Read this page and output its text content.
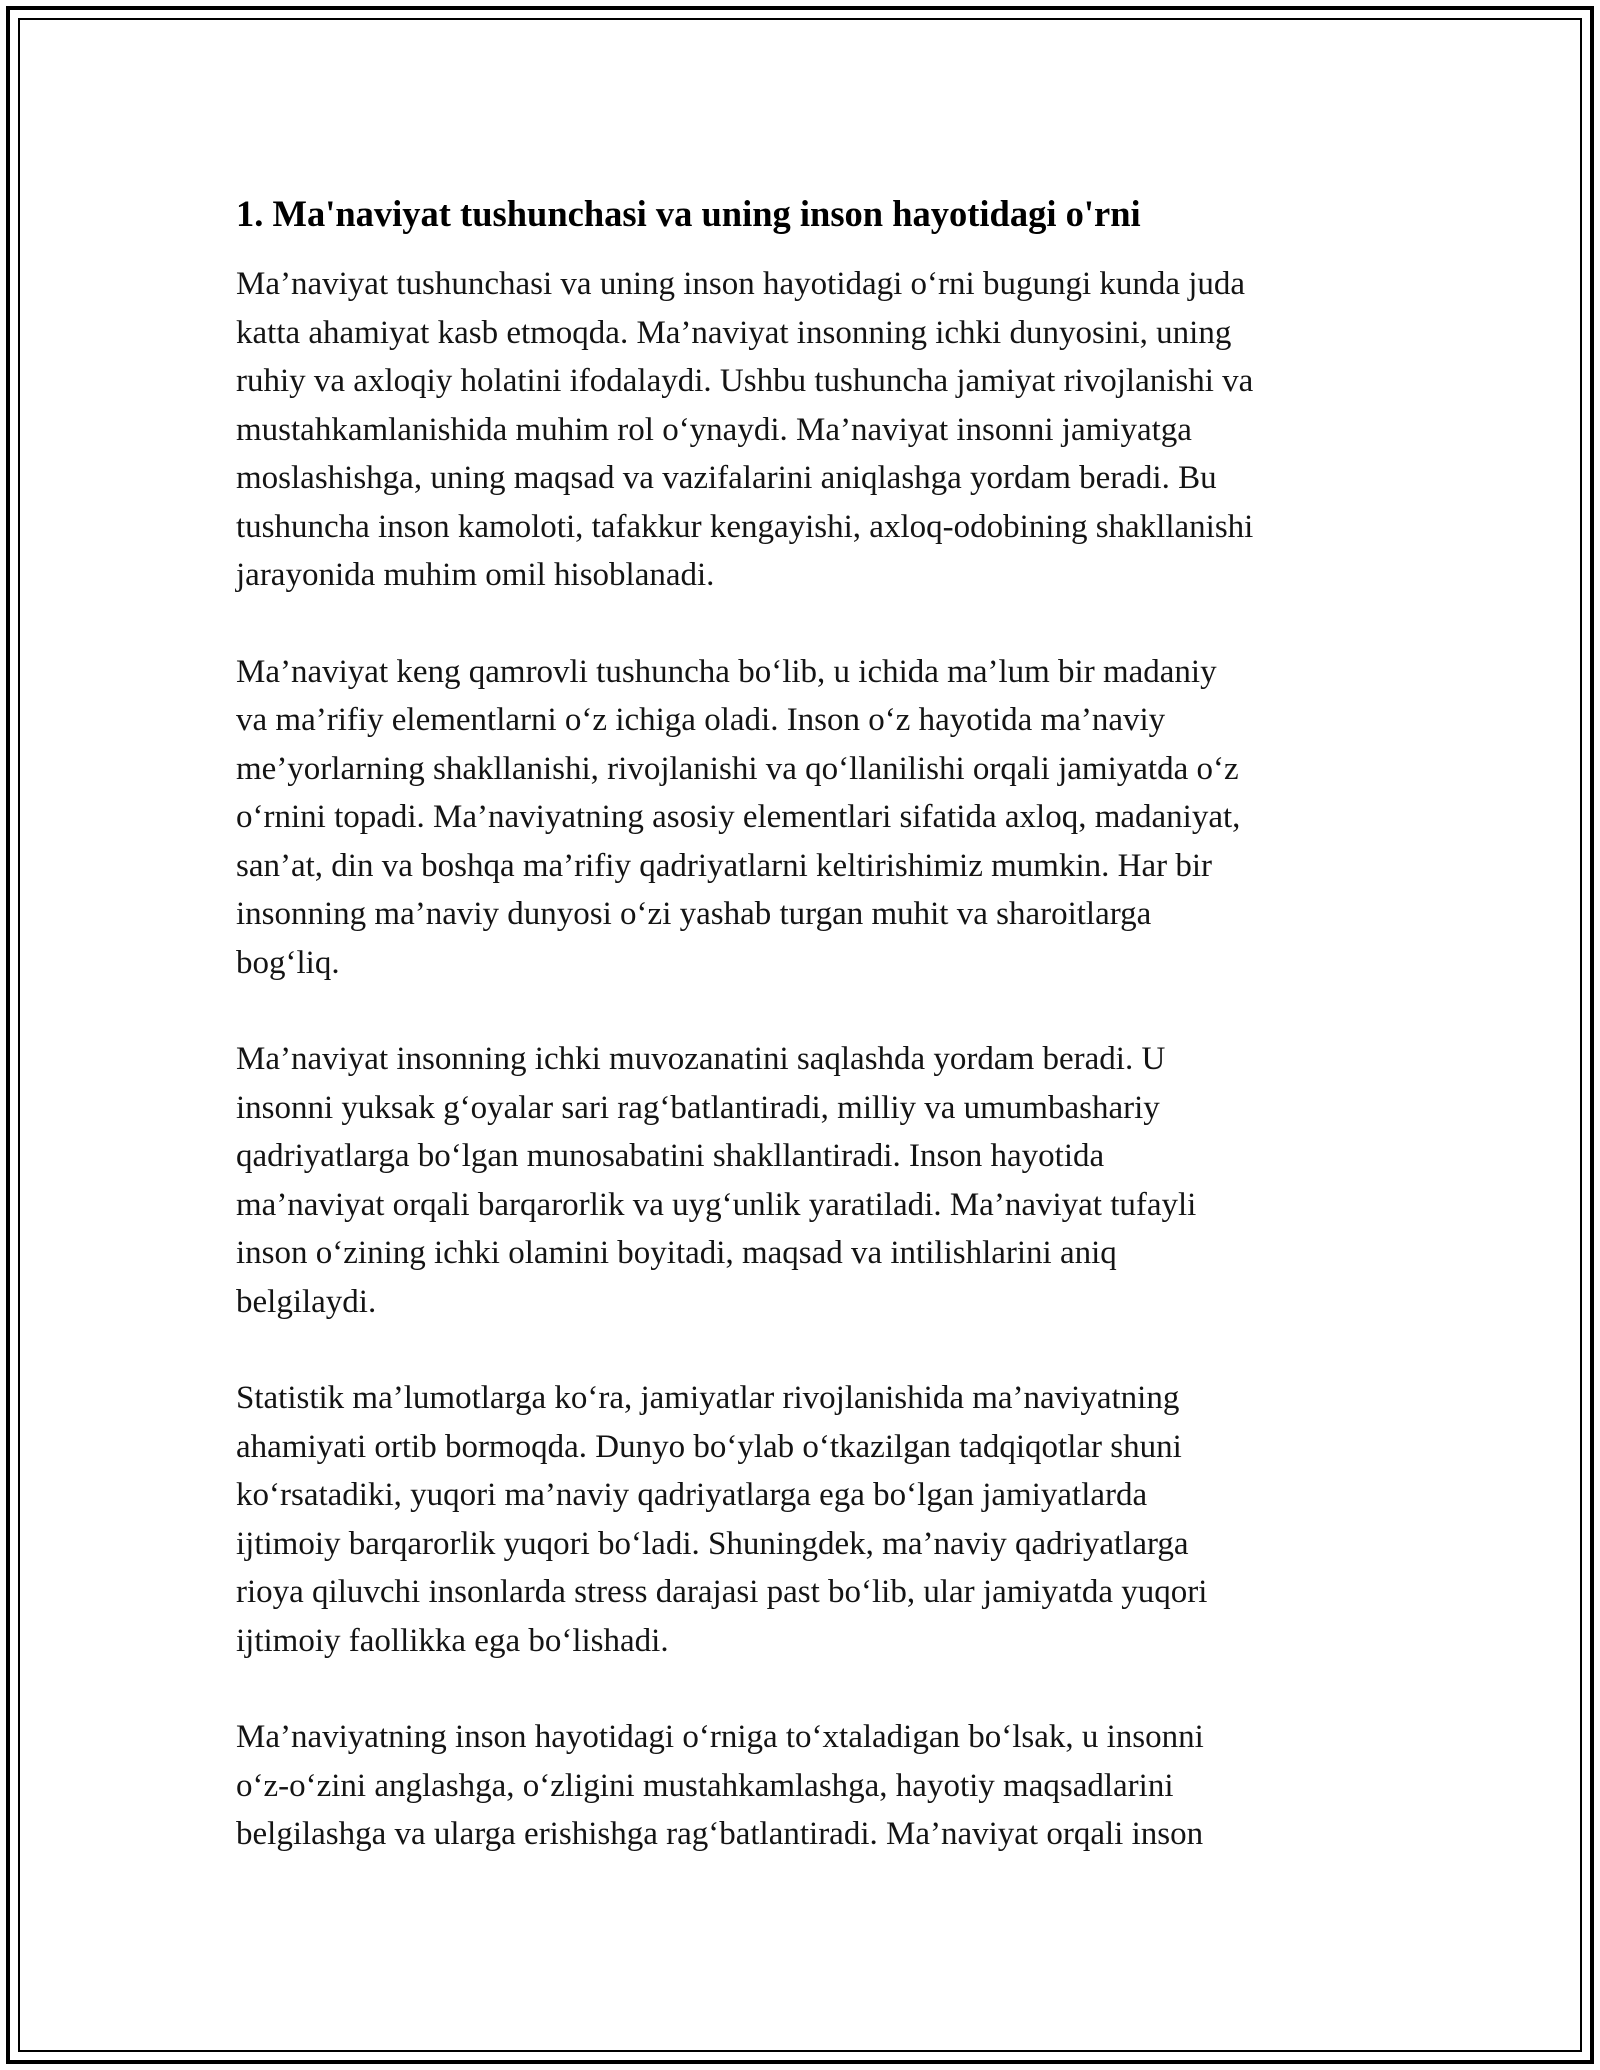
1. Ma'naviyat tushunchasi va uning inson hayotidagi o'rni

Ma’naviyat tushunchasi va uning inson hayotidagi o‘rni bugungi kunda juda
katta ahamiyat kasb etmoqda. Ma’naviyat insonning ichki dunyosini, uning
ruhiy va axloqiy holatini ifodalaydi. Ushbu tushuncha jamiyat rivojlanishi va
mustahkamlanishida muhim rol o‘ynaydi. Ma’naviyat insonni jamiyatga
moslashishga, uning maqsad va vazifalarini aniqlashga yordam beradi. Bu
tushuncha inson kamoloti, tafakkur kengayishi, axloq-odobining shakllanishi
jarayonida muhim omil hisoblanadi.

Ma’naviyat keng qamrovli tushuncha bo‘lib, u ichida ma’lum bir madaniy
va ma’rifiy elementlarni o‘z ichiga oladi. Inson o‘z hayotida ma’naviy
me’yorlarning shakllanishi, rivojlanishi va qo‘llanilishi orqali jamiyatda o‘z
o‘rnini topadi. Ma’naviyatning asosiy elementlari sifatida axloq, madaniyat,
san’at, din va boshqa ma’rifiy qadriyatlarni keltirishimiz mumkin. Har bir
insonning ma’naviy dunyosi o‘zi yashab turgan muhit va sharoitlarga
bog‘liq.

Ma’naviyat insonning ichki muvozanatini saqlashda yordam beradi. U
insonni yuksak g‘oyalar sari rag‘batlantiradi, milliy va umumbashariy
qadriyatlarga bo‘lgan munosabatini shakllantiradi. Inson hayotida
ma’naviyat orqali barqarorlik va uyg‘unlik yaratiladi. Ma’naviyat tufayli
inson o‘zining ichki olamini boyitadi, maqsad va intilishlarini aniq
belgilaydi.

Statistik ma’lumotlarga ko‘ra, jamiyatlar rivojlanishida ma’naviyatning
ahamiyati ortib bormoqda. Dunyo bo‘ylab o‘tkazilgan tadqiqotlar shuni
ko‘rsatadiki, yuqori ma’naviy qadriyatlarga ega bo‘lgan jamiyatlarda
ijtimoiy barqarorlik yuqori bo‘ladi. Shuningdek, ma’naviy qadriyatlarga
rioya qiluvchi insonlarda stress darajasi past bo‘lib, ular jamiyatda yuqori
ijtimoiy faollikka ega bo‘lishadi.

Ma’naviyatning inson hayotidagi o‘rniga to‘xtaladigan bo‘lsak, u insonni
o‘z-o‘zini anglashga, o‘zligini mustahkamlashga, hayotiy maqsadlarini
belgilashga va ularga erishishga rag‘batlantiradi. Ma’naviyat orqali inson
